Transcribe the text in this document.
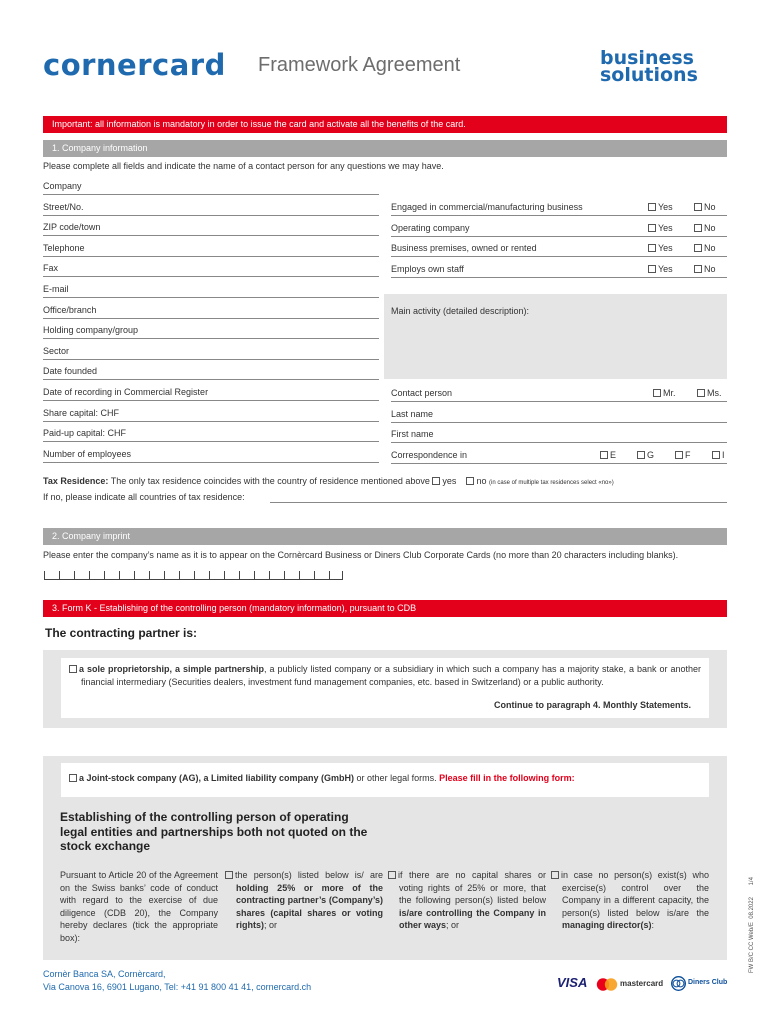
cornercard Framework Agreement	business
solutions
Important: all information is mandatory in order to issue the card and activate all the benefits of the card.
1. Company information
Please complete all fields and indicate the name of a contact person for any questions we may have.
Company
Street/No.
ZIP code/town
Telephone
Fax
E-mail
Office/branch
Holding company/group
Sector
Date founded
Date of recording in Commercial Register
Share capital: CHF
Paid-up capital: CHF
Number of employees
Engaged in commercial/manufacturing business	Yes	No
Operating company	Yes	No
Business premises, owned or rented	Yes	No
Employs own staff	Yes	No
Main activity (detailed description):
Contact person	Mr.	Ms.
Last name
First name
Correspondence in	E	G	F	I
Tax Residence: The only tax residence coincides with the country of residence mentioned above yes no (in case of multiple tax residences select «no»)
If no, please indicate all countries of tax residence:
2. Company imprint
Please enter the company’s name as it is to appear on the Cornèrcard Business or Diners Club Corporate Cards (no more than 20 characters including blanks).
3. Form K - Establishing of the controlling person (mandatory information), pursuant to CDB
The contracting partner is:
a sole proprietorship, a simple partnership, a publicly listed company or a subsidiary in which such a company has a majority stake, a bank or another financial intermediary (Securities dealers, investment fund management companies, etc. based in Switzerland) or a public authority.
Continue to paragraph 4. Monthly Statements.
a Joint-stock company (AG), a Limited liability company (GmbH) or other legal forms. Please fill in the following form:
Establishing of the controlling person of operating legal entities and partnerships both not quoted on the stock exchange
Pursuant to Article 20 of the Agreement on the Swiss banks’ code of conduct with regard to the exercise of due diligence (CDB 20), the Company hereby declares (tick the appropriate box):
the person(s) listed below is/ are holding 25% or more of the contracting partner’s (Company’s) shares (capital shares or voting rights); or
if there are no capital shares or voting rights of 25% or more, that the following person(s) listed below is/are controlling the Company in other ways; or
in case no person(s) exist(s) who exercise(s) control over the Company in a different capacity, the person(s) listed below is/are the managing director(s):	FW B/C CC Web/E  08.2022       1/4
Cornèr Banca SA, Cornèrcard,
Via Canova 16, 6901 Lugano, Tel: +41 91 800 41 41, cornercard.ch	VISA	mastercard	Diners Club
